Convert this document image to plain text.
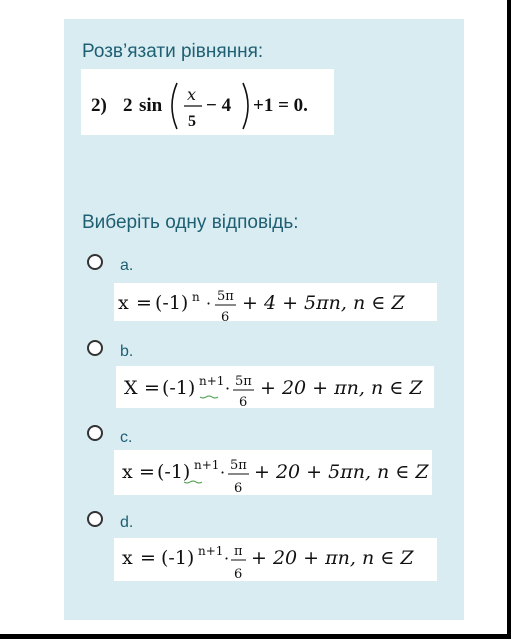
Розв’язати рівняння:
2) 2 sin
x
5
− 4 +1 = 0.
Виберіть одну відповідь:
a.
x = (-1) n · 5π
6
+ 4 + 5πn, n ∈ Z
b.
X = (-1) n+1 · 5π
6
+ 20 + πn, n ∈ Z
c.
x = (-1) n+1 · 5π
6
+ 20 + 5πn, n ∈ Z
d.
x = (-1) n+1 · π
6
+ 20 + πn, n ∈ Z
